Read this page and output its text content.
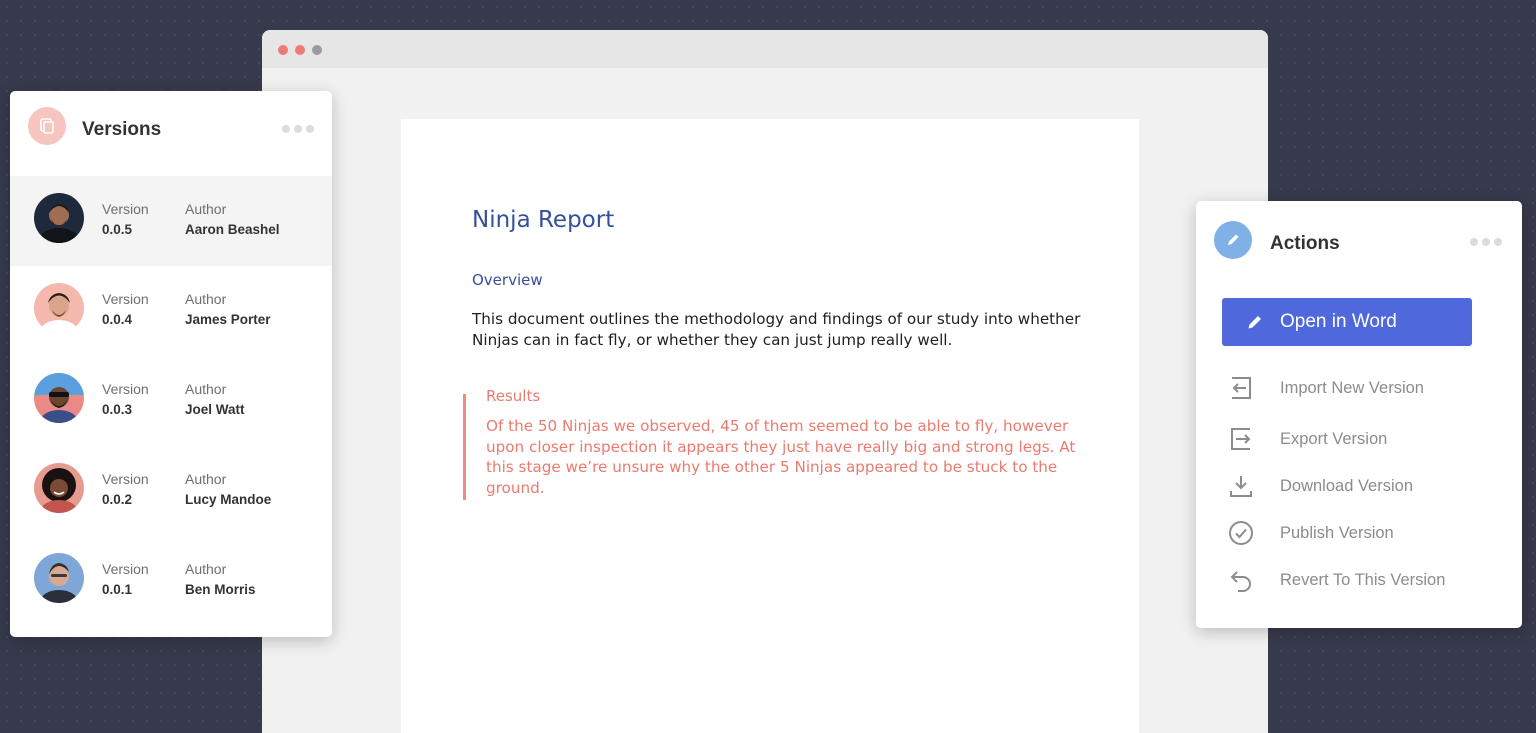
Ninja Report
Overview
This document outlines the methodology and findings of our study into whether Ninjas can in fact fly, or whether they can just jump really well.
Results
Of the 50 Ninjas we observed, 45 of them seemed to be able to fly, however upon closer inspection it appears they just have really big and strong legs. At this stage we’re unsure why the other 5 Ninjas appeared to be stuck to the ground.
Versions
Version
0.0.5
Author
Aaron Beashel
Version
0.0.4
Author
James Porter
Version
0.0.3
Author
Joel Watt
Version
0.0.2
Author
Lucy Mandoe
Version
0.0.1
Author
Ben Morris
Actions
Open in Word
Import New Version
Export Version
Download Version
Publish Version
Revert To This Version
